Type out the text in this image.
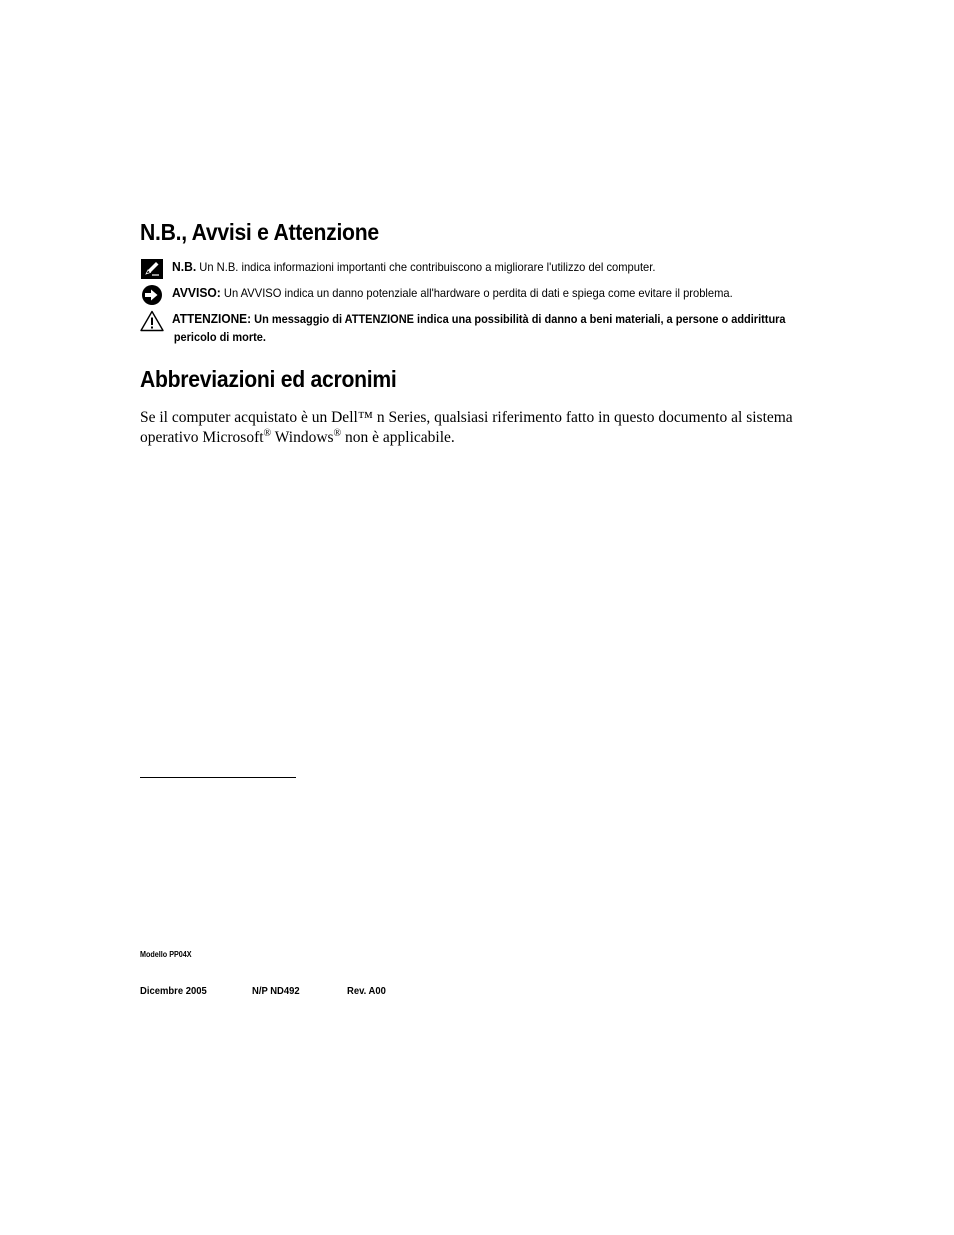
N.B., Avvisi e Attenzione
N.B. Un N.B. indica informazioni importanti che contribuiscono a migliorare l'utilizzo del computer.
AVVISO: Un AVVISO indica un danno potenziale all'hardware o perdita di dati e spiega come evitare il problema.
ATTENZIONE: Un messaggio di ATTENZIONE indica una possibilità di danno a beni materiali, a persone o addirittura
pericolo di morte.
Abbreviazioni ed acronimi
Se il computer acquistato è un Dell™ n Series, qualsiasi riferimento fatto in questo documento al sistema
operativo Microsoft® Windows® non è applicabile.
Modello PP04X
Dicembre 2005	N/P ND492	Rev. A00
